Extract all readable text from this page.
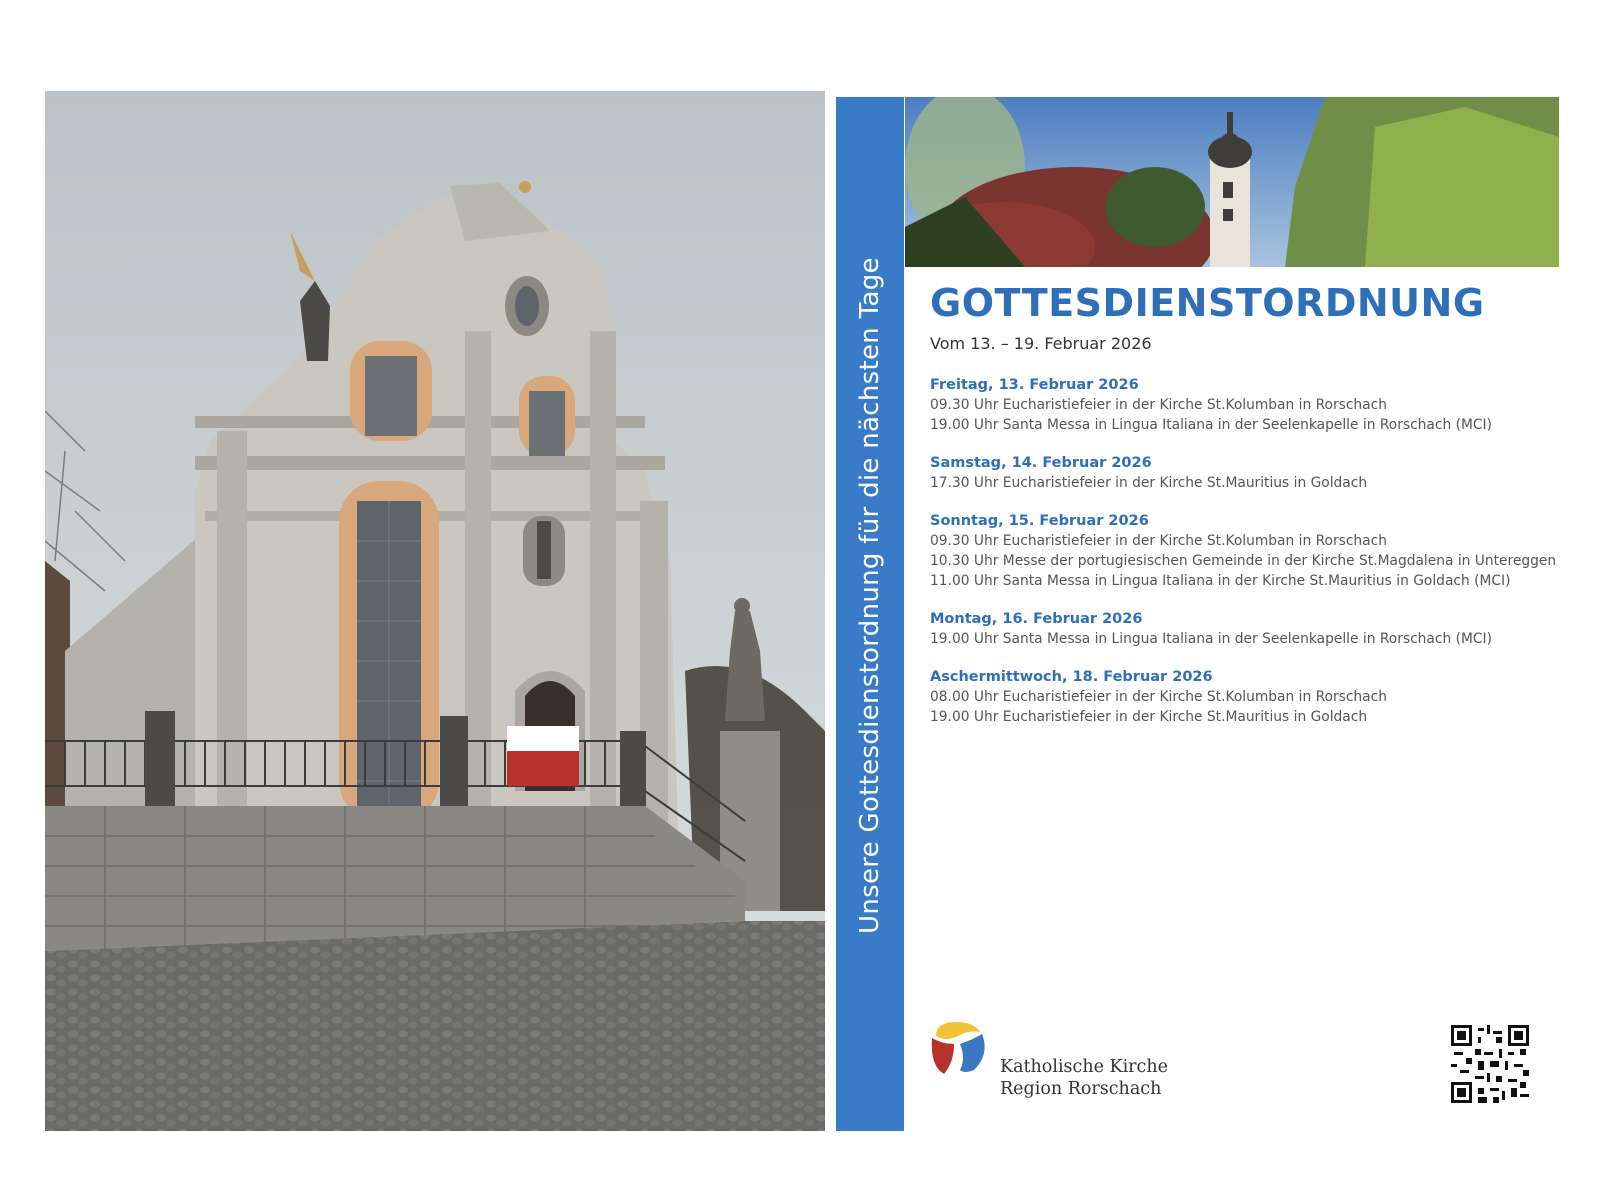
Unsere Gottesdienstordnung für die nächsten Tage GOTTESDIENSTORDNUNG
Vom 13. – 19. Februar 2026
Freitag, 13. Februar 2026
09.30 Uhr Eucharistiefeier in der Kirche St.Kolumban in Rorschach
19.00 Uhr Santa Messa in Lingua Italiana in der Seelenkapelle in Rorschach (MCI)
Samstag, 14. Februar 2026
17.30 Uhr Eucharistiefeier in der Kirche St.Mauritius in Goldach
Sonntag, 15. Februar 2026
09.30 Uhr Eucharistiefeier in der Kirche St.Kolumban in Rorschach
10.30 Uhr Messe der portugiesischen Gemeinde in der Kirche St.Magdalena in Untereggen
11.00 Uhr Santa Messa in Lingua Italiana in der Kirche St.Mauritius in Goldach (MCI)
Montag, 16. Februar 2026
19.00 Uhr Santa Messa in Lingua Italiana in der Seelenkapelle in Rorschach (MCI)
Aschermittwoch, 18. Februar 2026
08.00 Uhr Eucharistiefeier in der Kirche St.Kolumban in Rorschach
19.00 Uhr Eucharistiefeier in der Kirche St.Mauritius in Goldach
Katholische Kirche
Region Rorschach
